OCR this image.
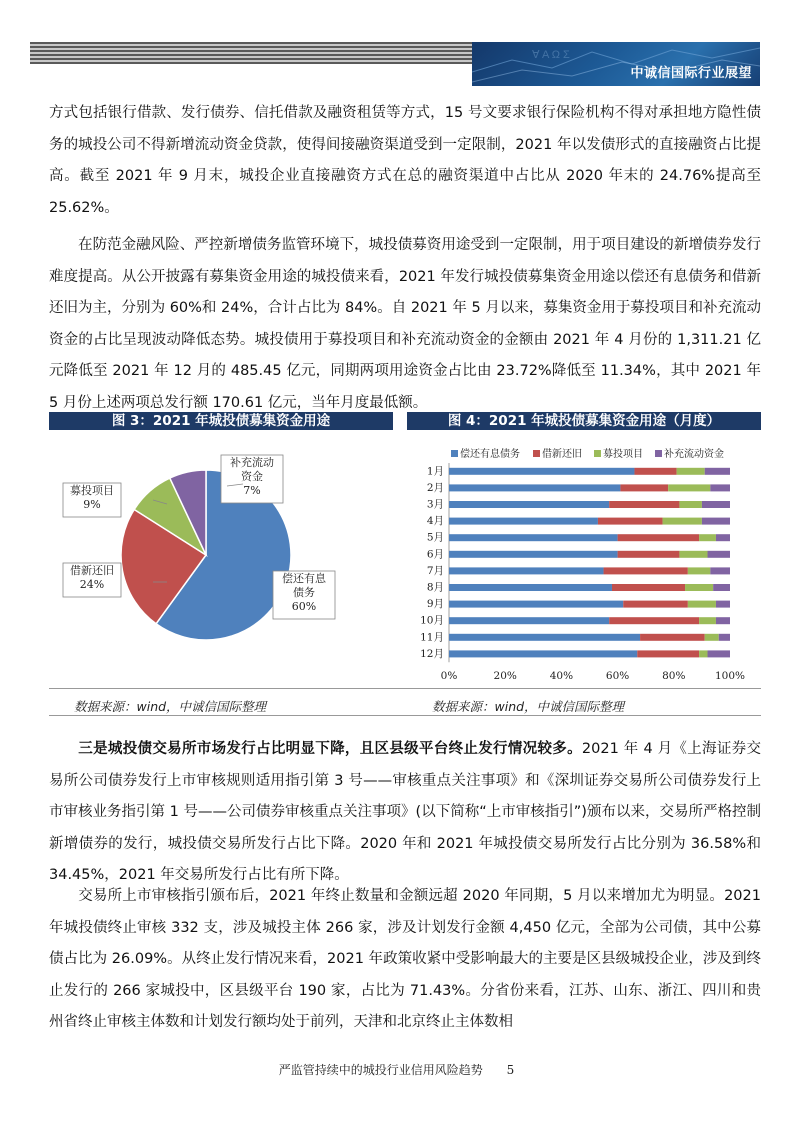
∀ A Ω Σ
中诚信国际行业展望

方式包括银行借款、发行债券、信托借款及融资租赁等方式，15 号文要求银行保险机构不得对承担地方隐性债务的城投公司不得新增流动资金贷款，使得间接融资渠道受到一定限制，2021 年以发债形式的直接融资占比提高。截至 2021 年 9 月末，城投企业直接融资方式在总的融资渠道中占比从 2020 年末的 24.76%提高至 25.62%。

在防范金融风险、严控新增债务监管环境下，城投债募资用途受到一定限制，用于项目建设的新增债券发行难度提高。从公开披露有募集资金用途的城投债来看，2021 年发行城投债募集资金用途以偿还有息债务和借新还旧为主，分别为 60%和 24%，合计占比为 84%。自 2021 年 5 月以来，募集资金用于募投项目和补充流动资金的占比呈现波动降低态势。城投债用于募投项目和补充流动资金的金额由 2021 年 4 月份的 1,311.21 亿元降低至 2021 年 12 月的 485.45 亿元，同期两项用途资金占比由 23.72%降低至 11.34%，其中 2021 年 5 月份上述两项总发行额 170.61 亿元，当年月度最低额。

图 3：2021 年城投债募集资金用途	图 4：2021 年城投债募集资金用途（月度）
偿还有息
债务
60%
借新还旧
24%
募投项目
9%
补充流动
资金
7%
偿还有息债务 借新还旧 募投项目 补充流动资金
1月
2月
3月
4月
5月
6月
7月
8月
9月
10月
11月
12月
0%	20%	40%	60%	80%	100%
数据来源：wind，中诚信国际整理	数据来源：wind，中诚信国际整理

三是城投债交易所市场发行占比明显下降，且区县级平台终止发行情况较多。2021 年 4 月《上海证券交易所公司债券发行上市审核规则适用指引第 3 号——审核重点关注事项》和《深圳证券交易所公司债券发行上市审核业务指引第 1 号——公司债券审核重点关注事项》(以下简称“上市审核指引”)颁布以来，交易所严格控制新增债券的发行，城投债交易所发行占比下降。2020 年和 2021 年城投债交易所发行占比分别为 36.58%和 34.45%，2021 年交易所发行占比有所下降。

交易所上市审核指引颁布后，2021 年终止数量和金额远超 2020 年同期，5 月以来增加尤为明显。2021 年城投债终止审核 332 支，涉及城投主体 266 家，涉及计划发行金额 4,450 亿元，全部为公司债，其中公募债占比为 26.09%。从终止发行情况来看，2021 年政策收紧中受影响最大的主要是区县级城投企业，涉及到终止发行的 266 家城投中，区县级平台 190 家，占比为 71.43%。分省份来看，江苏、山东、浙江、四川和贵州省终止审核主体数和计划发行额均处于前列，天津和北京终止主体数相

严监管持续中的城投行业信用风险趋势 5
